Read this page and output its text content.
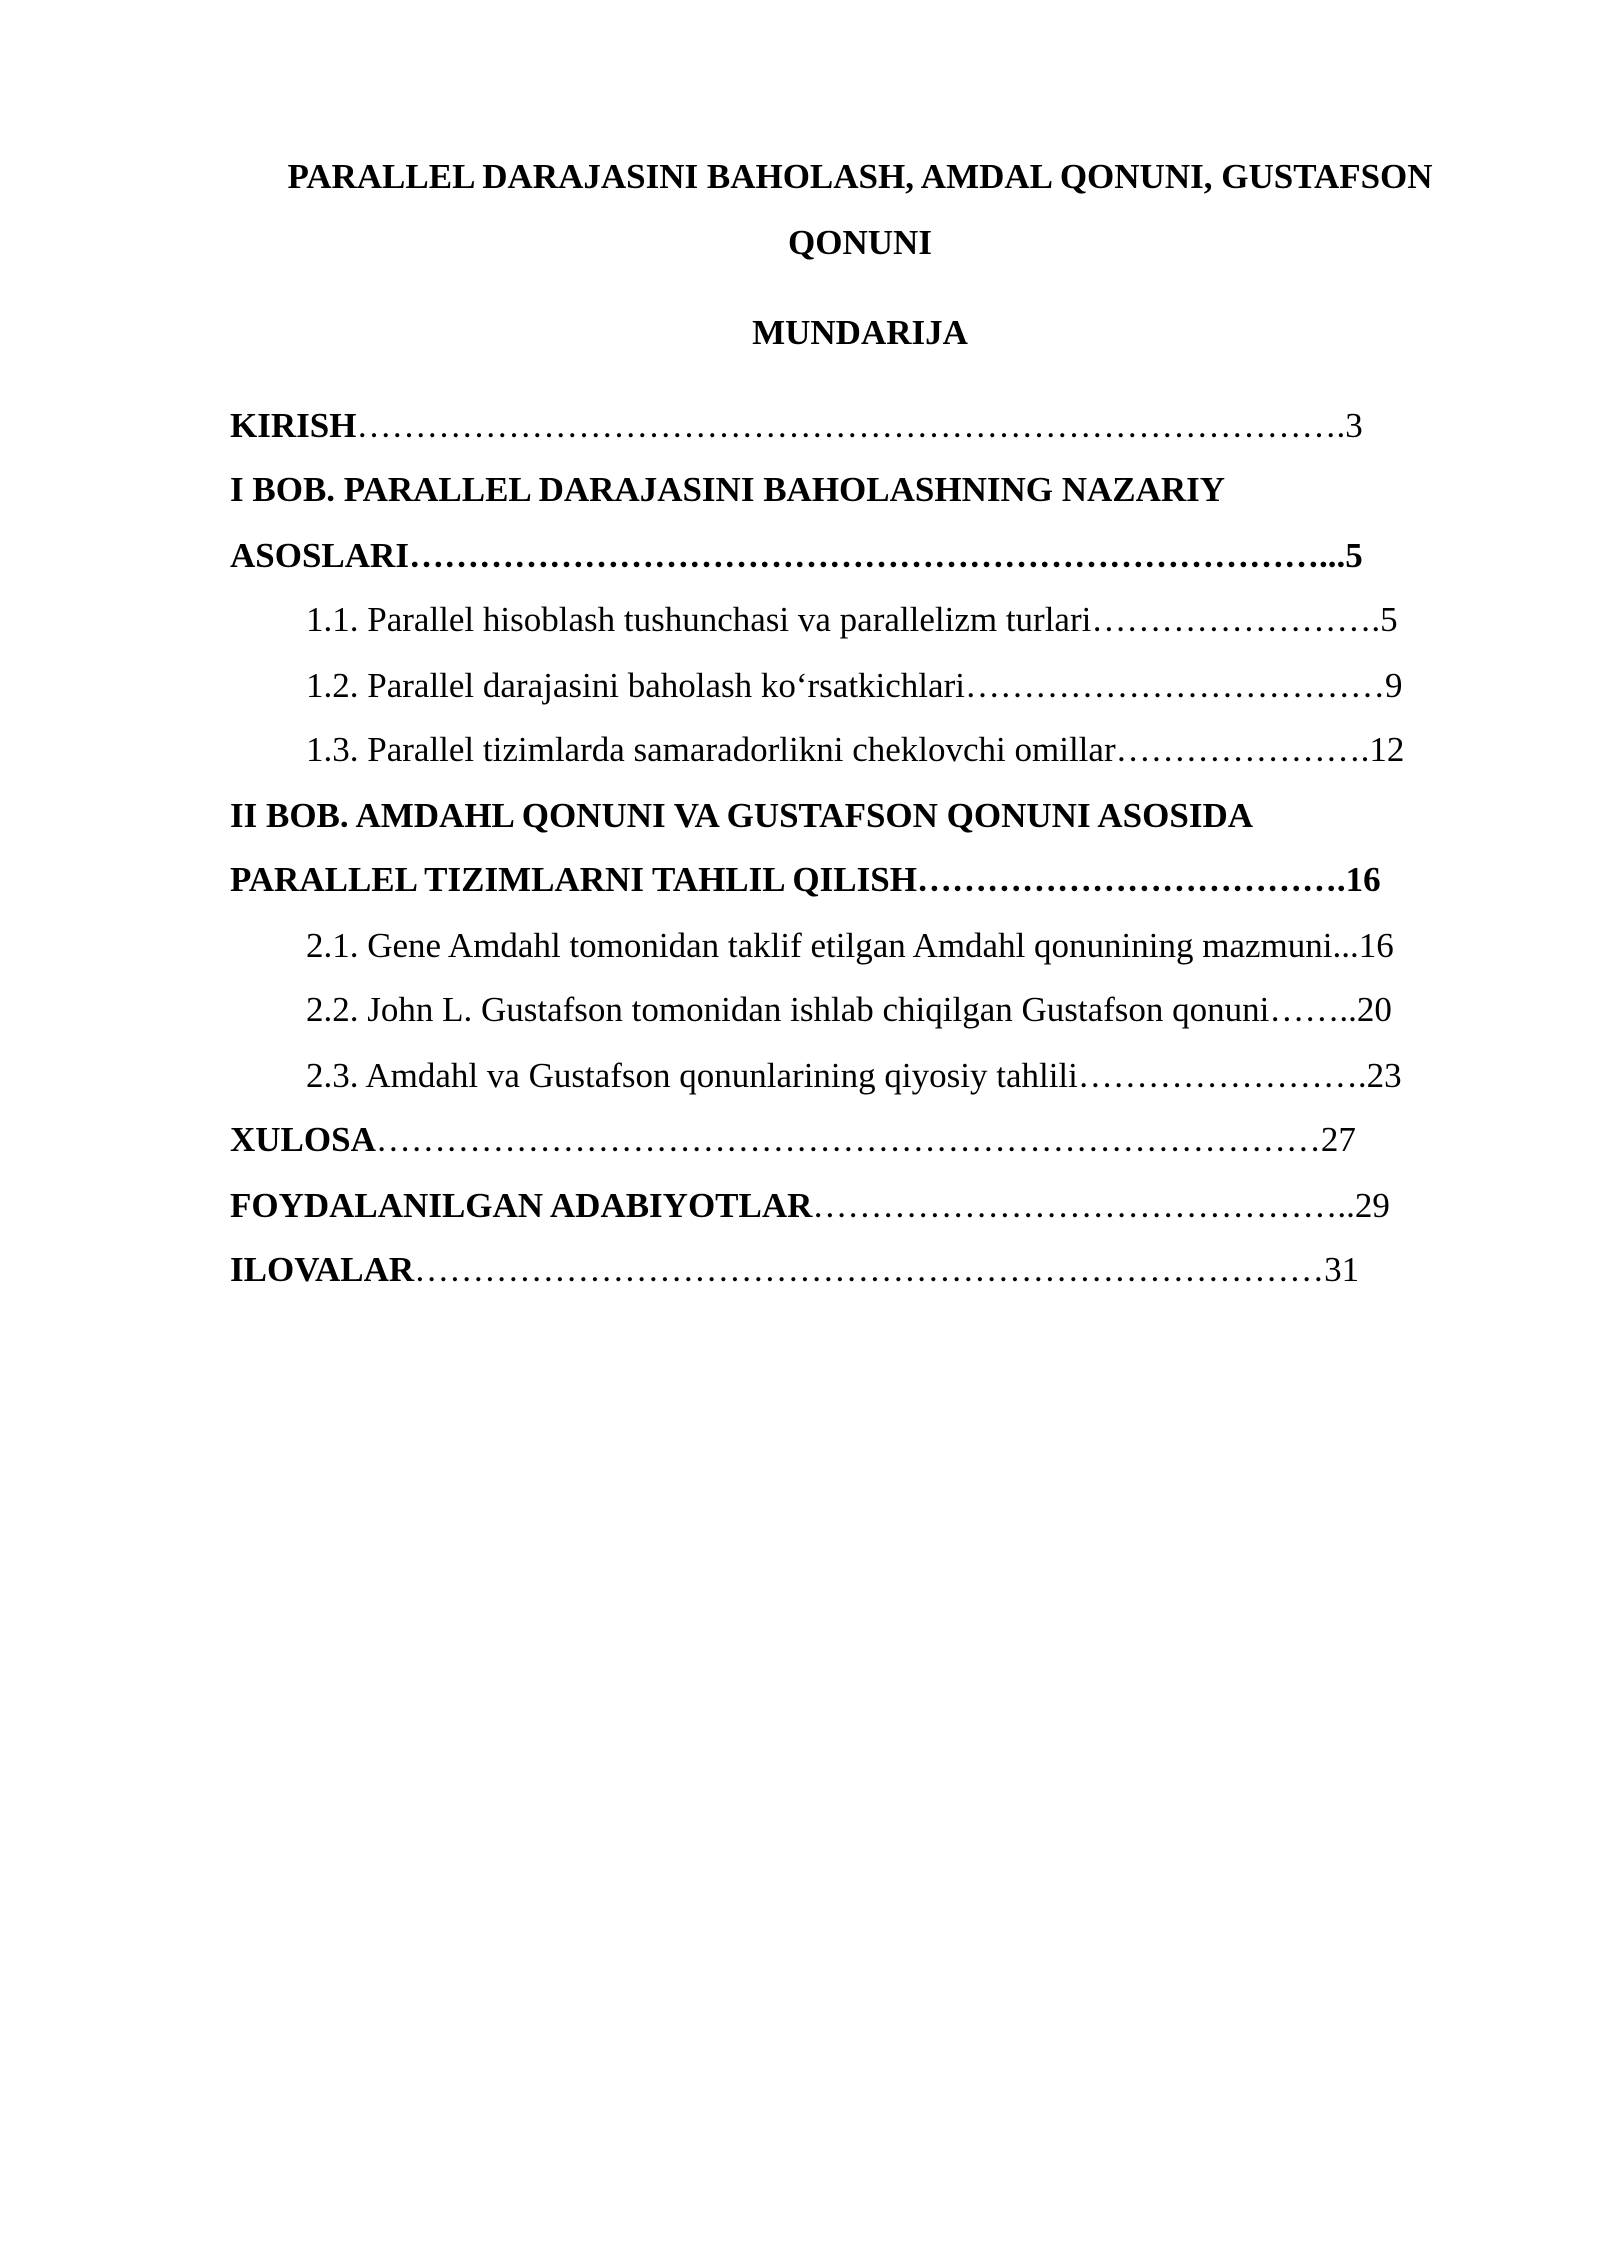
PARALLEL DARAJASINI BAHOLASH, AMDAL QONUNI, GUSTAFSON
QONUNI
MUNDARIJA
KIRISH………………………………………………………………………….3
I BOB. PARALLEL DARAJASINI BAHOLASHNING NAZARIY
ASOSLARI……………………………………………………………………...5
1.1. Parallel hisoblash tushunchasi va parallelizm turlari…………………….5
1.2. Parallel darajasini baholash ko‘rsatkichlari………………………………9
1.3. Parallel tizimlarda samaradorlikni cheklovchi omillar………………….12
II BOB. AMDAHL QONUNI VA GUSTAFSON QONUNI ASOSIDA
PARALLEL TIZIMLARNI TAHLIL QILISH……………………………….16
2.1. Gene Amdahl tomonidan taklif etilgan Amdahl qonunining mazmuni...16
2.2. John L. Gustafson tomonidan ishlab chiqilgan Gustafson qonuni……..20
2.3. Amdahl va Gustafson qonunlarining qiyosiy tahlili…………………….23
XULOSA………………………………………………………………………27
FOYDALANILGAN ADABIYOTLAR………………………………………..29
ILOVALAR……………………………………………………………………31
